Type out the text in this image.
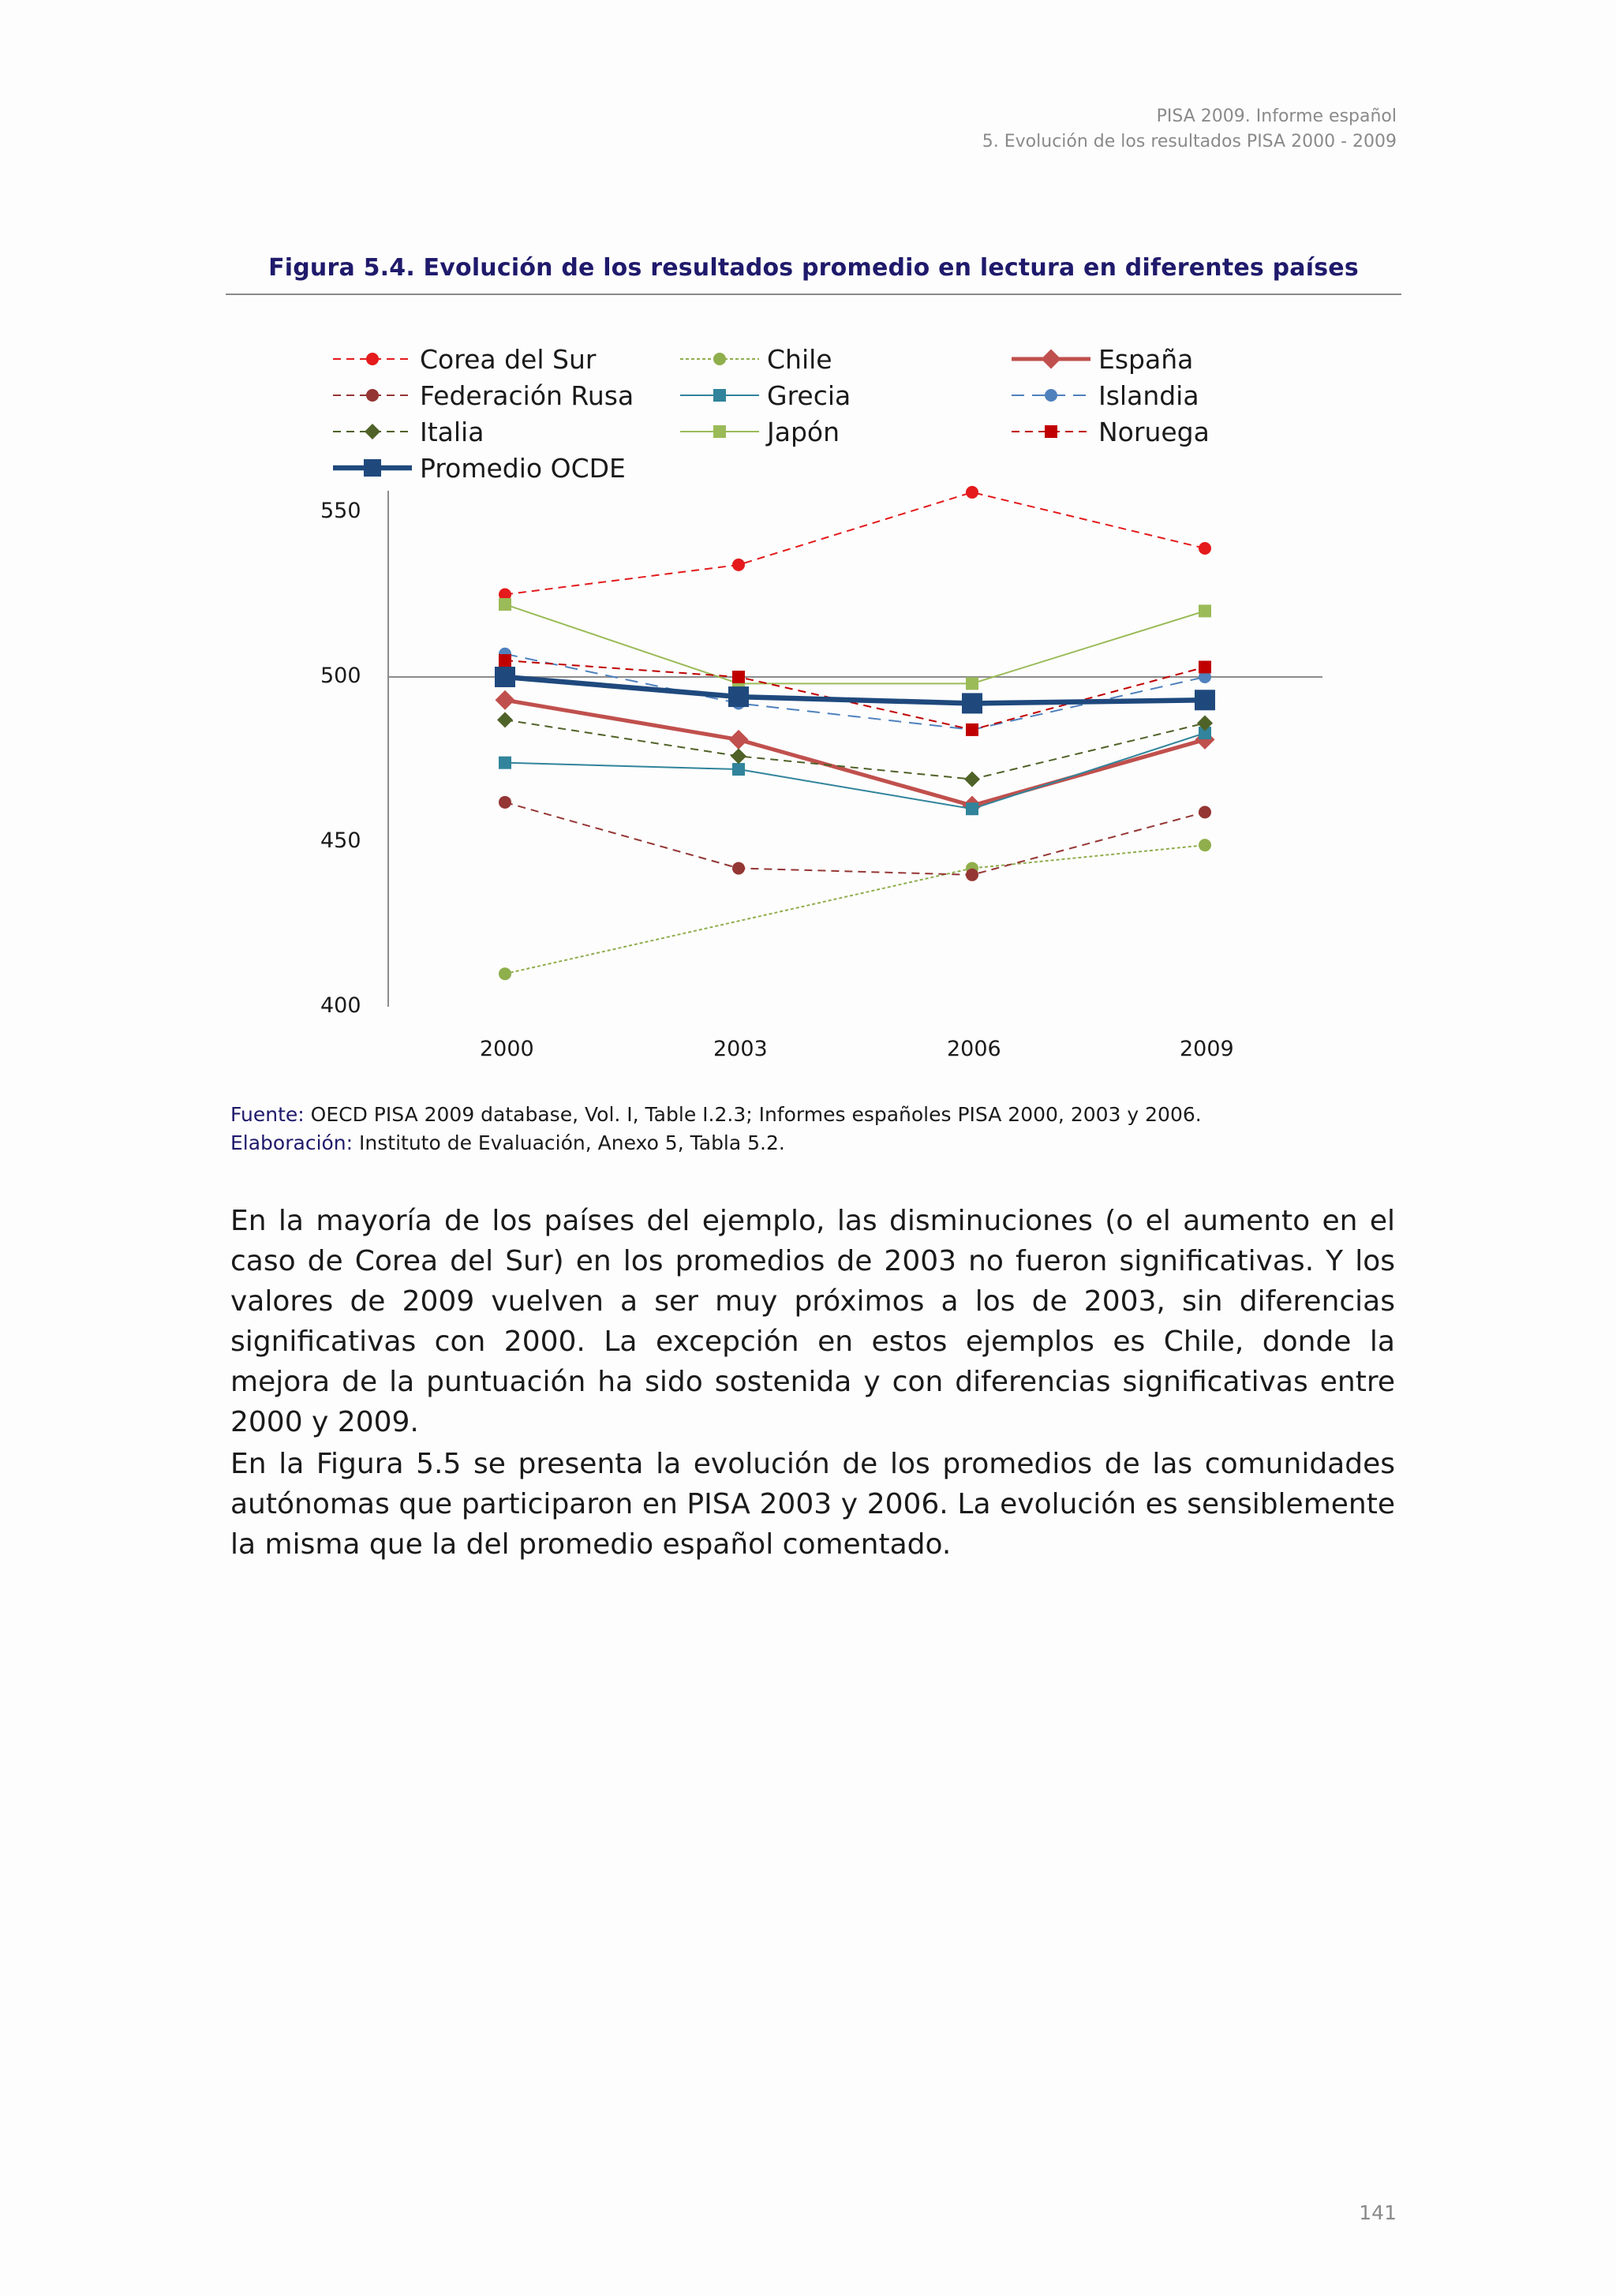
PISA 2009. Informe español
5. Evolución de los resultados PISA 2000 - 2009
Figura 5.4. Evolución de los resultados promedio en lectura en diferentes países
Corea del Sur	Chile	España
Federación Rusa	Grecia	Islandia
Italia	Japón	Noruega
Promedio OCDE
400
450
500
550
2000	2003	2006	2009
Fuente: OECD PISA 2009 database, Vol. I, Table I.2.3; Informes españoles PISA 2000, 2003 y 2006.
Elaboración: Instituto de Evaluación, Anexo 5, Tabla 5.2.
En la mayoría de los países del ejemplo, las disminuciones (o el aumento en el caso de Corea del Sur) en los promedios de 2003 no fueron significativas. Y los valores de 2009 vuelven a ser muy próximos a los de 2003, sin diferencias significativas con 2000. La excepción en estos ejemplos es Chile, donde la mejora de la puntuación ha sido sostenida y con diferencias significativas entre 2000 y 2009.
En la Figura 5.5 se presenta la evolución de los promedios de las comunidades autónomas que participaron en PISA 2003 y 2006. La evolución es sensiblemente la misma que la del promedio español comentado.
141
